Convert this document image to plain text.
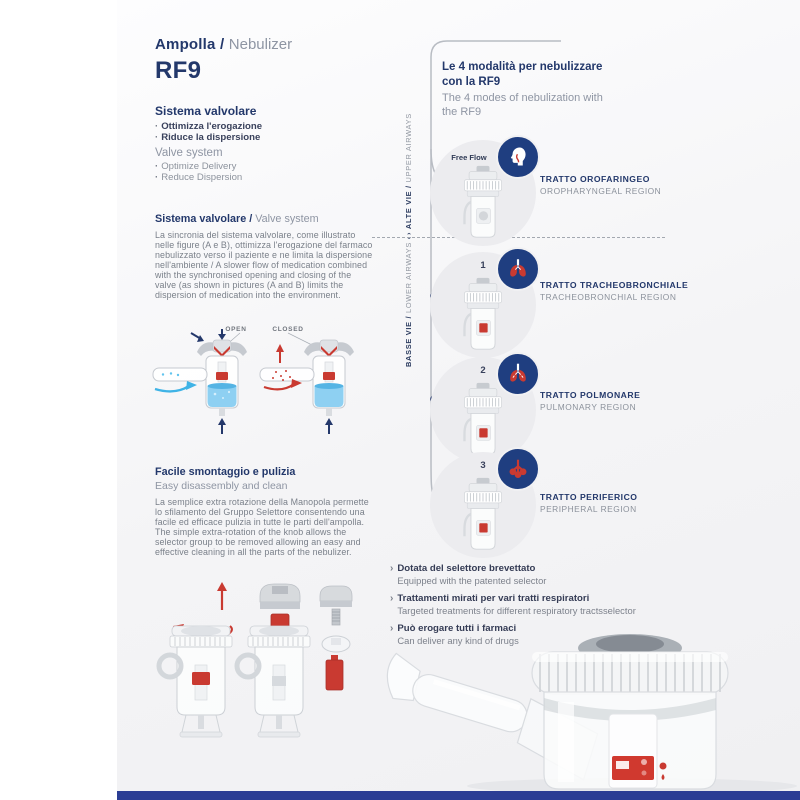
Ampolla / Nebulizer
RF9
Sistema valvolare
· Ottimizza l'erogazione
· Riduce la dispersione
Valve system
· Optimize Delivery
· Reduce Dispersion
Sistema valvolare / Valve system
La sincronia del sistema valvolare, come illustrato nelle figure (A e B), ottimizza l'erogazione del farmaco nebulizzato verso il paziente e ne limita la dispersione nell'ambiente / A slower flow of medication combined with the synchronised opening and closing of the valve (as shown in pictures (A and B) limits the dispersion of medication into the environment.
OPEN	CLOSED
Facile smontaggio e pulizia
Easy disassembly and clean
La semplice extra rotazione della Manopola permette lo sfilamento del Gruppo Selettore consentendo una facile ed efficace pulizia in tutte le parti dell'ampolla. The simple extra-rotation of the knob allows the selector group to be removed allowing an easy and effective cleaning in all the parts of the nebulizer.
Le 4 modalità per nebulizzare con la RF9
The 4 modes of nebulization with the RF9
› ALTE VIE / UPPER AIRWAYS
BASSE VIE / LOWER AIRWAYS ‹
Free Flow
TRATTO OROFARINGEO
OROPHARYNGEAL REGION
1
TRATTO TRACHEOBRONCHIALE
TRACHEOBRONCHIAL REGION
2
TRATTO POLMONARE
PULMONARY REGION
3
TRATTO PERIFERICO
PERIPHERAL REGION
› Dotata del selettore brevettato
Equipped with the patented selector
› Trattamenti mirati per vari tratti respiratori
Targeted treatments for different respiratory tractsselector
› Può erogare tutti i farmaci
Can deliver any kind of drugs
